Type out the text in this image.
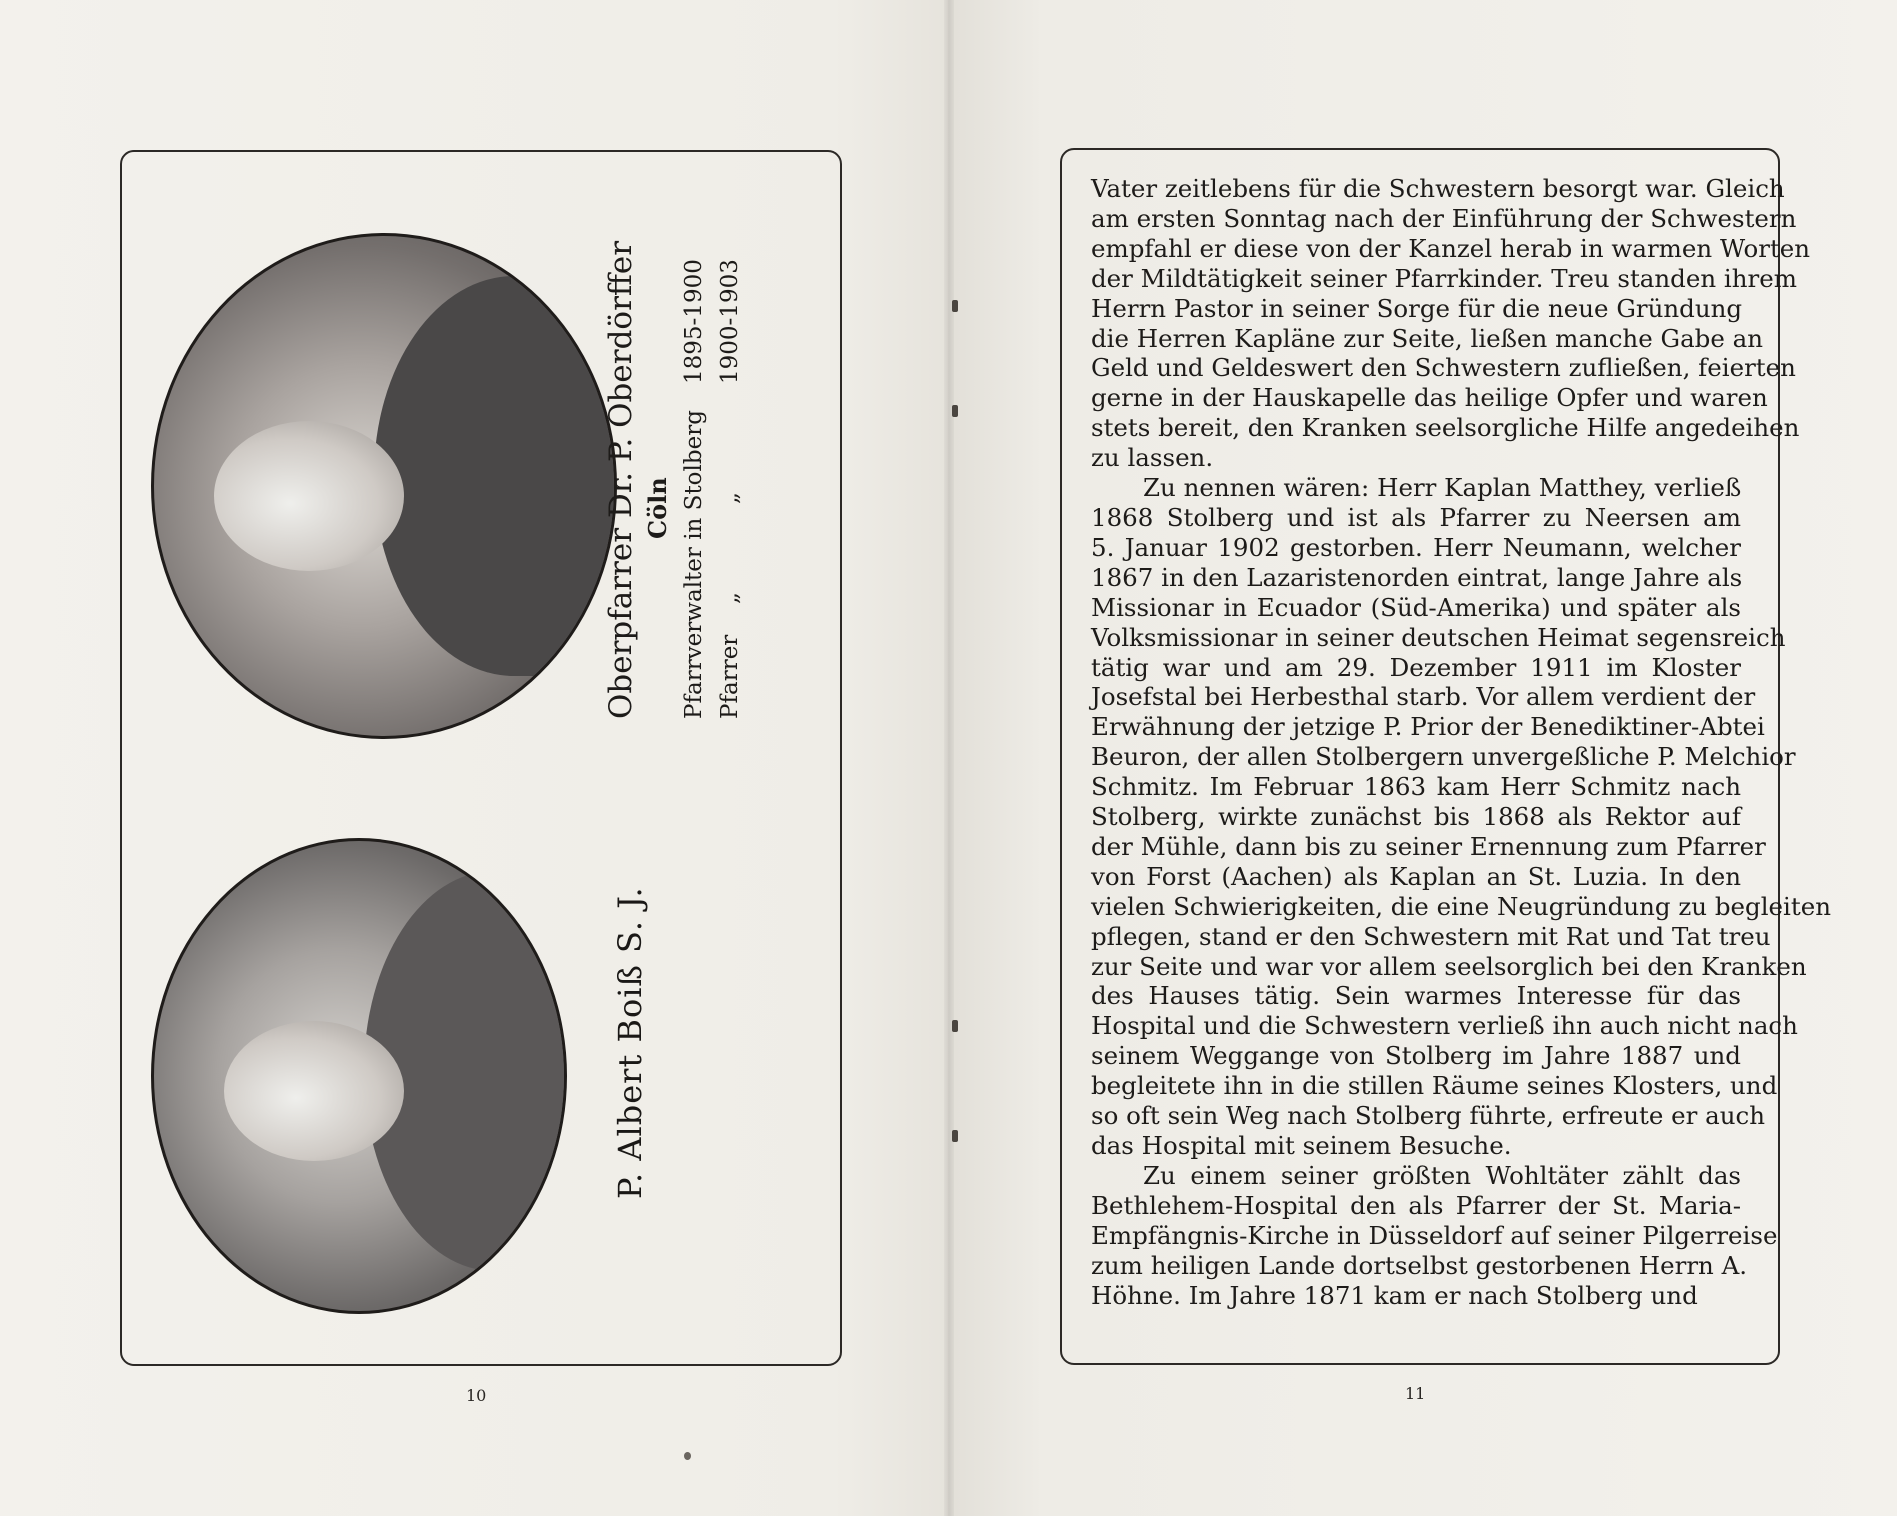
P. Albert Boiß S. J.
Oberpfarrer Dr. P. Oberdörffer Cöln Pfarrverwalter in Stolberg
1895-1900
Pfarrer
„
„
1900-1903
10
Vater zeitlebens für die Schwestern besorgt war. Gleich
am ersten Sonntag nach der Einführung der Schwestern
empfahl er diese von der Kanzel herab in warmen Worten
der Mildtätigkeit seiner Pfarrkinder. Treu standen ihrem
Herrn Pastor in seiner Sorge für die neue Gründung
die Herren Kapläne zur Seite, ließen manche Gabe an
Geld und Geldeswert den Schwestern zufließen, feierten
gerne in der Hauskapelle das heilige Opfer und waren
stets bereit, den Kranken seelsorgliche Hilfe angedeihen
zu lassen.
Zu nennen wären: Herr Kaplan Matthey, verließ
1868 Stolberg und ist als Pfarrer zu Neersen am
5. Januar 1902 gestorben. Herr Neumann, welcher
1867 in den Lazaristenorden eintrat, lange Jahre als
Missionar in Ecuador (Süd-Amerika) und später als
Volksmissionar in seiner deutschen Heimat segensreich
tätig war und am 29. Dezember 1911 im Kloster
Josefstal bei Herbesthal starb. Vor allem verdient der
Erwähnung der jetzige P. Prior der Benediktiner-Abtei
Beuron, der allen Stolbergern unvergeßliche P. Melchior
Schmitz. Im Februar 1863 kam Herr Schmitz nach
Stolberg, wirkte zunächst bis 1868 als Rektor auf
der Mühle, dann bis zu seiner Ernennung zum Pfarrer
von Forst (Aachen) als Kaplan an St. Luzia. In den
vielen Schwierigkeiten, die eine Neugründung zu begleiten
pflegen, stand er den Schwestern mit Rat und Tat treu
zur Seite und war vor allem seelsorglich bei den Kranken
des Hauses tätig. Sein warmes Interesse für das
Hospital und die Schwestern verließ ihn auch nicht nach
seinem Weggange von Stolberg im Jahre 1887 und
begleitete ihn in die stillen Räume seines Klosters, und
so oft sein Weg nach Stolberg führte, erfreute er auch
das Hospital mit seinem Besuche.
Zu einem seiner größten Wohltäter zählt das
Bethlehem-Hospital den als Pfarrer der St. Maria-
Empfängnis-Kirche in Düsseldorf auf seiner Pilgerreise
zum heiligen Lande dortselbst gestorbenen Herrn A.
Höhne. Im Jahre 1871 kam er nach Stolberg und
11
